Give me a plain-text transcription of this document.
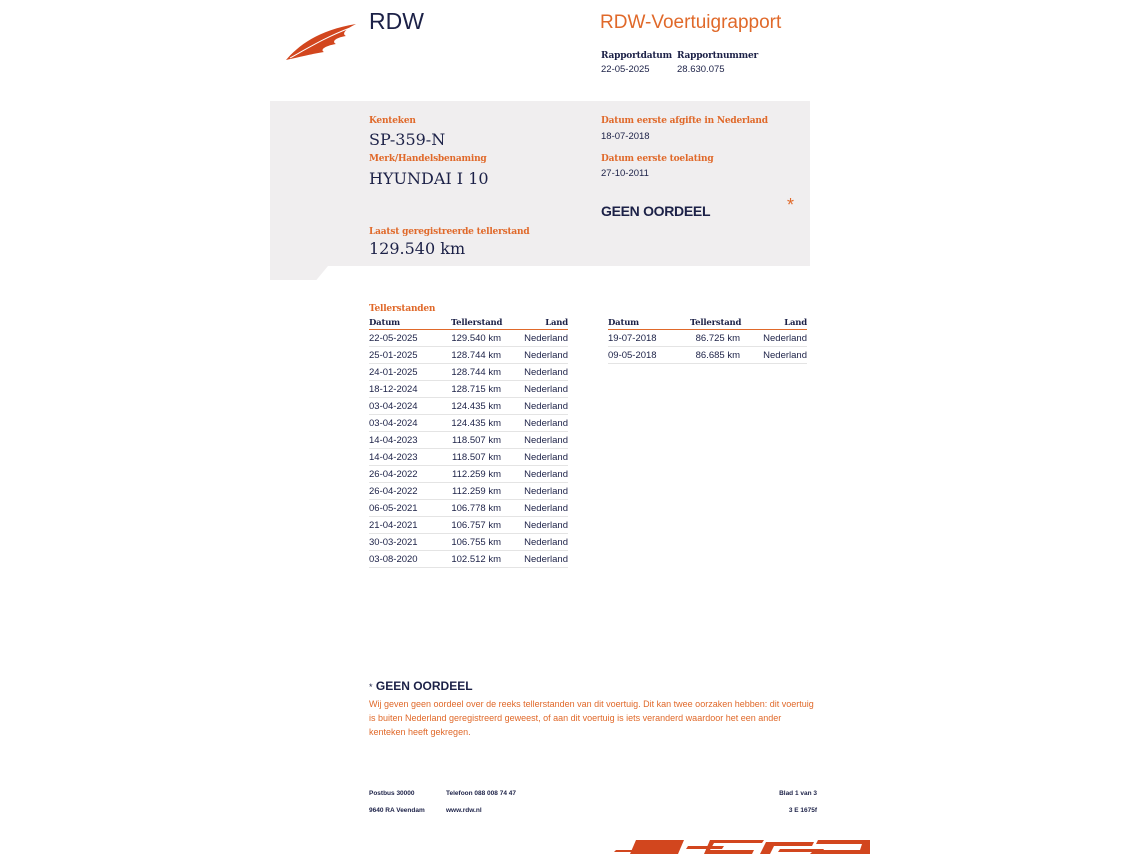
RDW	RDW-Voertuigrapport
Rapportdatum
22-05-2025
Rapportnummer
28.630.075
Kenteken
SP-359-N
Merk/Handelsbenaming
HYUNDAI I 10
Laatst geregistreerde tellerstand
129.540 km
Datum eerste afgifte in Nederland
18-07-2018
Datum eerste toelating
27-10-2011
GEEN OORDEEL	*
Tellerstanden
Datum	Tellerstand	Land
22-05-2025	129.540 km	Nederland
25-01-2025	128.744 km	Nederland
24-01-2025	128.744 km	Nederland
18-12-2024	128.715 km	Nederland
03-04-2024	124.435 km	Nederland
03-04-2024	124.435 km	Nederland
14-04-2023	118.507 km	Nederland
14-04-2023	118.507 km	Nederland
26-04-2022	112.259 km	Nederland
26-04-2022	112.259 km	Nederland
06-05-2021	106.778 km	Nederland
21-04-2021	106.757 km	Nederland
30-03-2021	106.755 km	Nederland
03-08-2020	102.512 km	Nederland
Datum	Tellerstand	Land
19-07-2018	86.725 km	Nederland
09-05-2018	86.685 km	Nederland
* GEEN OORDEEL
Wij geven geen oordeel over de reeks tellerstanden van dit voertuig. Dit kan twee oorzaken hebben: dit voertuig is buiten Nederland geregistreerd geweest, of aan dit voertuig is iets veranderd waardoor het een ander kenteken heeft gekregen.
Postbus 30000
9640 RA Veendam
Telefoon 088 008 74 47
www.rdw.nl
Blad 1 van 3
3 E 1675f
